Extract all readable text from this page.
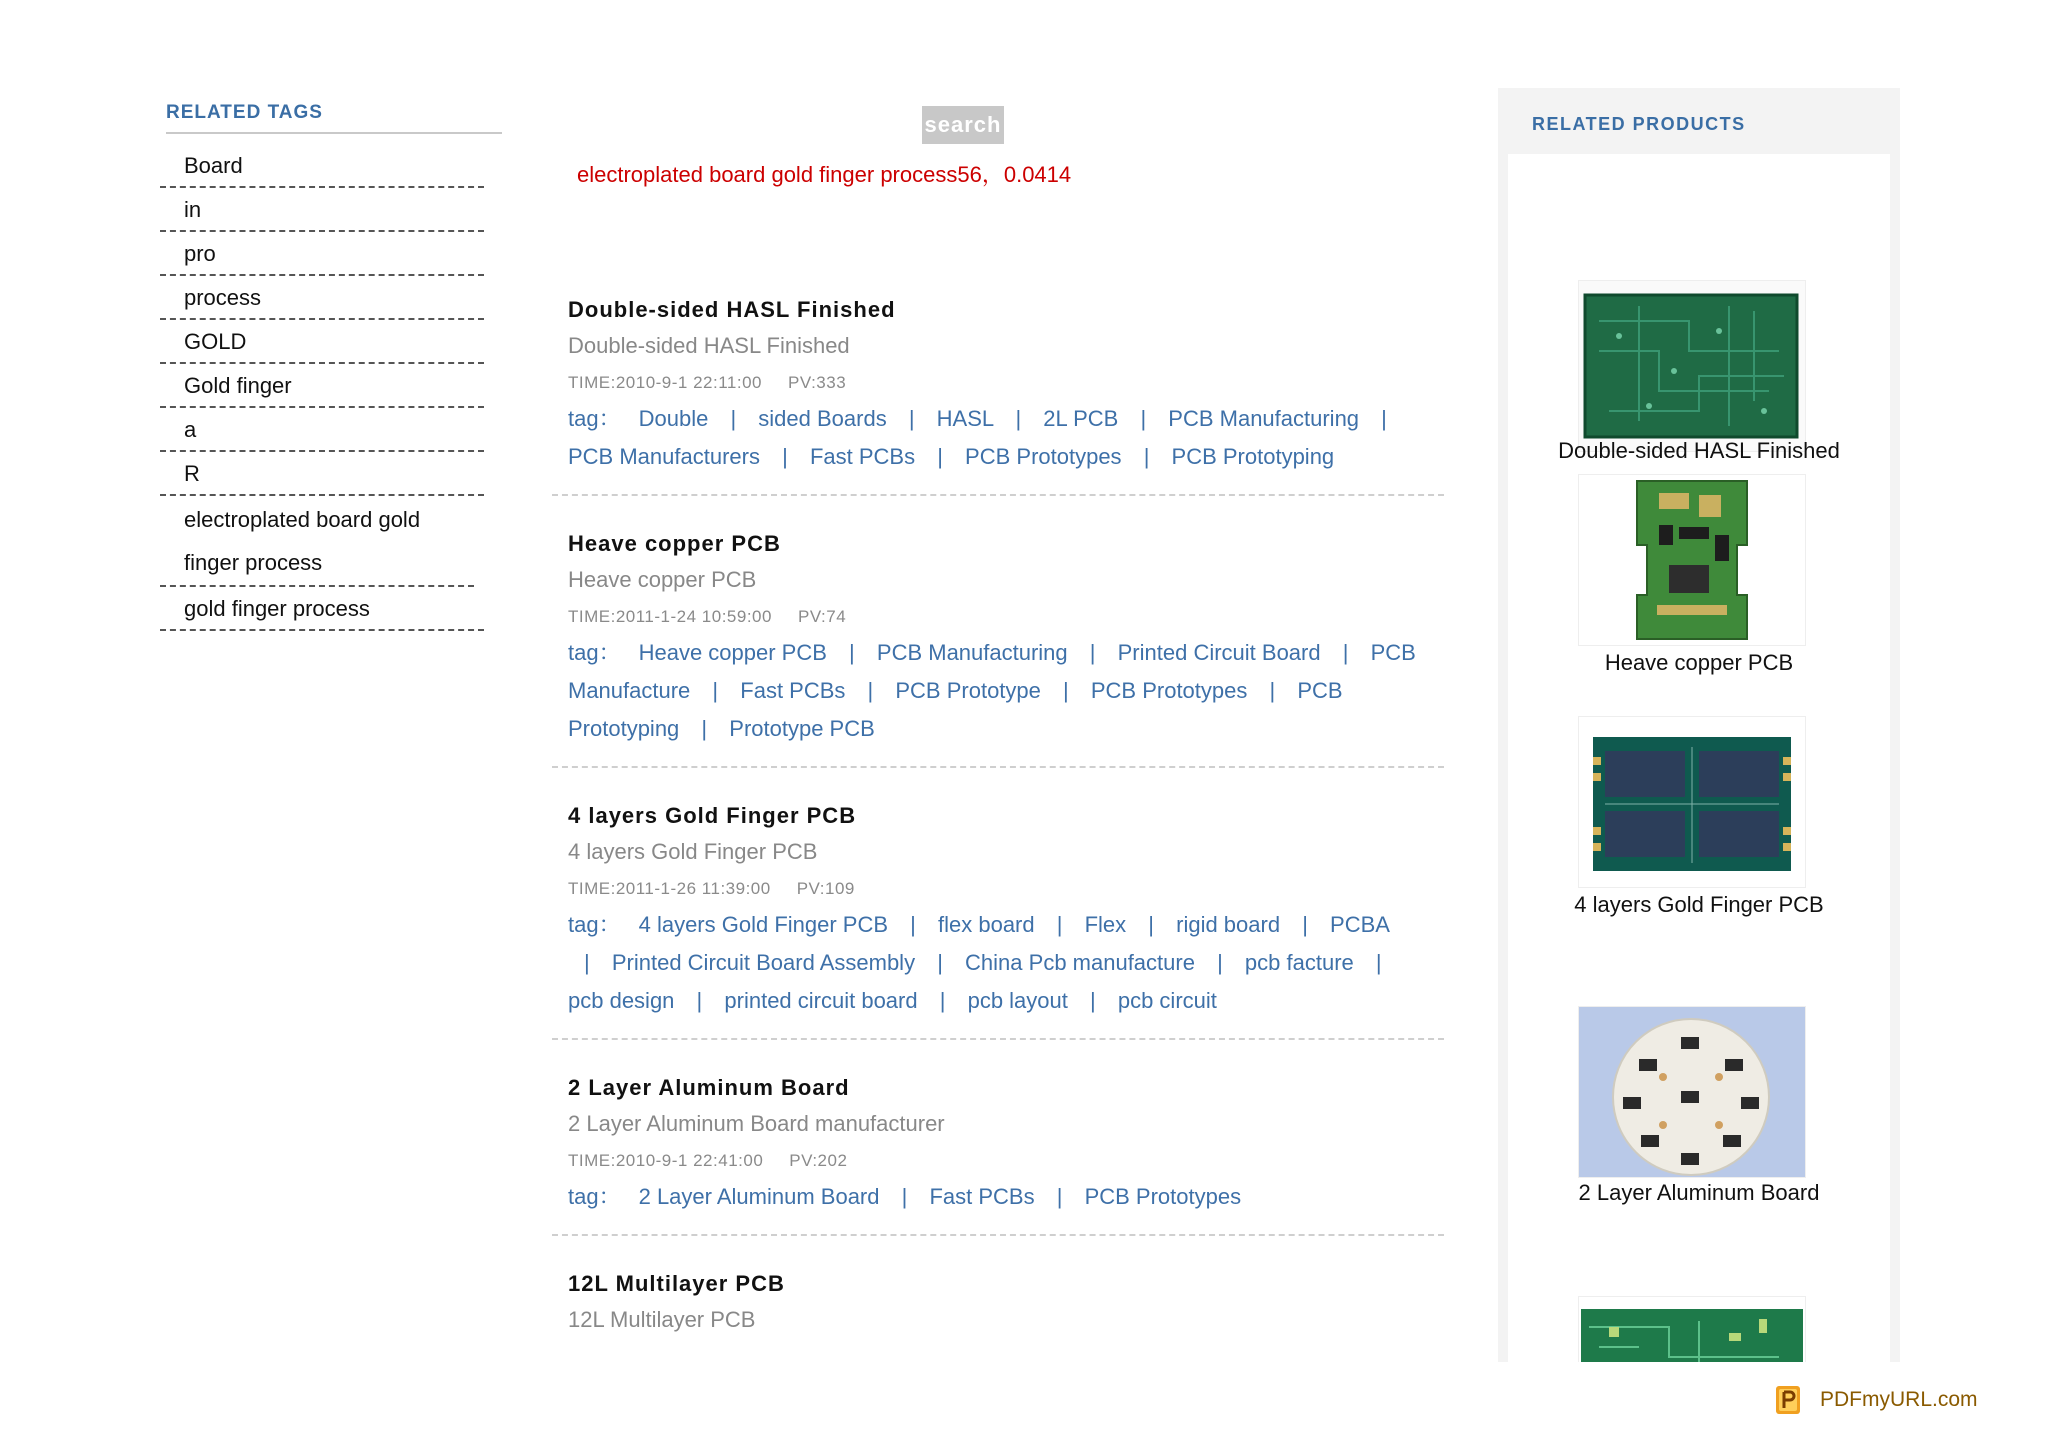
RELATED TAGS
Board
in
pro
process
GOLD
Gold finger
a
R
electroplated board gold finger process
gold finger process
search
electroplated board gold finger process56，0.0414
Double-sided HASL Finished
Double-sided HASL Finished
TIME:2010-9-1 22:11:00 PV:333
tag： Double | sided Boards | HASL | 2L PCB | PCB Manufacturing | PCB Manufacturers | Fast PCBs | PCB Prototypes | PCB Prototyping
Heave copper PCB
Heave copper PCB
TIME:2011-1-24 10:59:00 PV:74
tag： Heave copper PCB | PCB Manufacturing | Printed Circuit Board | PCB Manufacture | Fast PCBs | PCB Prototype | PCB Prototypes | PCB Prototyping | Prototype PCB
4 layers Gold Finger PCB
4 layers Gold Finger PCB
TIME:2011-1-26 11:39:00 PV:109
tag： 4 layers Gold Finger PCB | flex board | Flex | rigid board | PCBA | Printed Circuit Board Assembly | China Pcb manufacture | pcb facture | pcb design | printed circuit board | pcb layout | pcb circuit
2 Layer Aluminum Board
2 Layer Aluminum Board manufacturer
TIME:2010-9-1 22:41:00 PV:202
tag： 2 Layer Aluminum Board | Fast PCBs | PCB Prototypes
12L Multilayer PCB
12L Multilayer PCB
RELATED PRODUCTS
Double-sided HASL Finished
Heave copper PCB
4 layers Gold Finger PCB
2 Layer Aluminum Board
PDFmyURL.com
